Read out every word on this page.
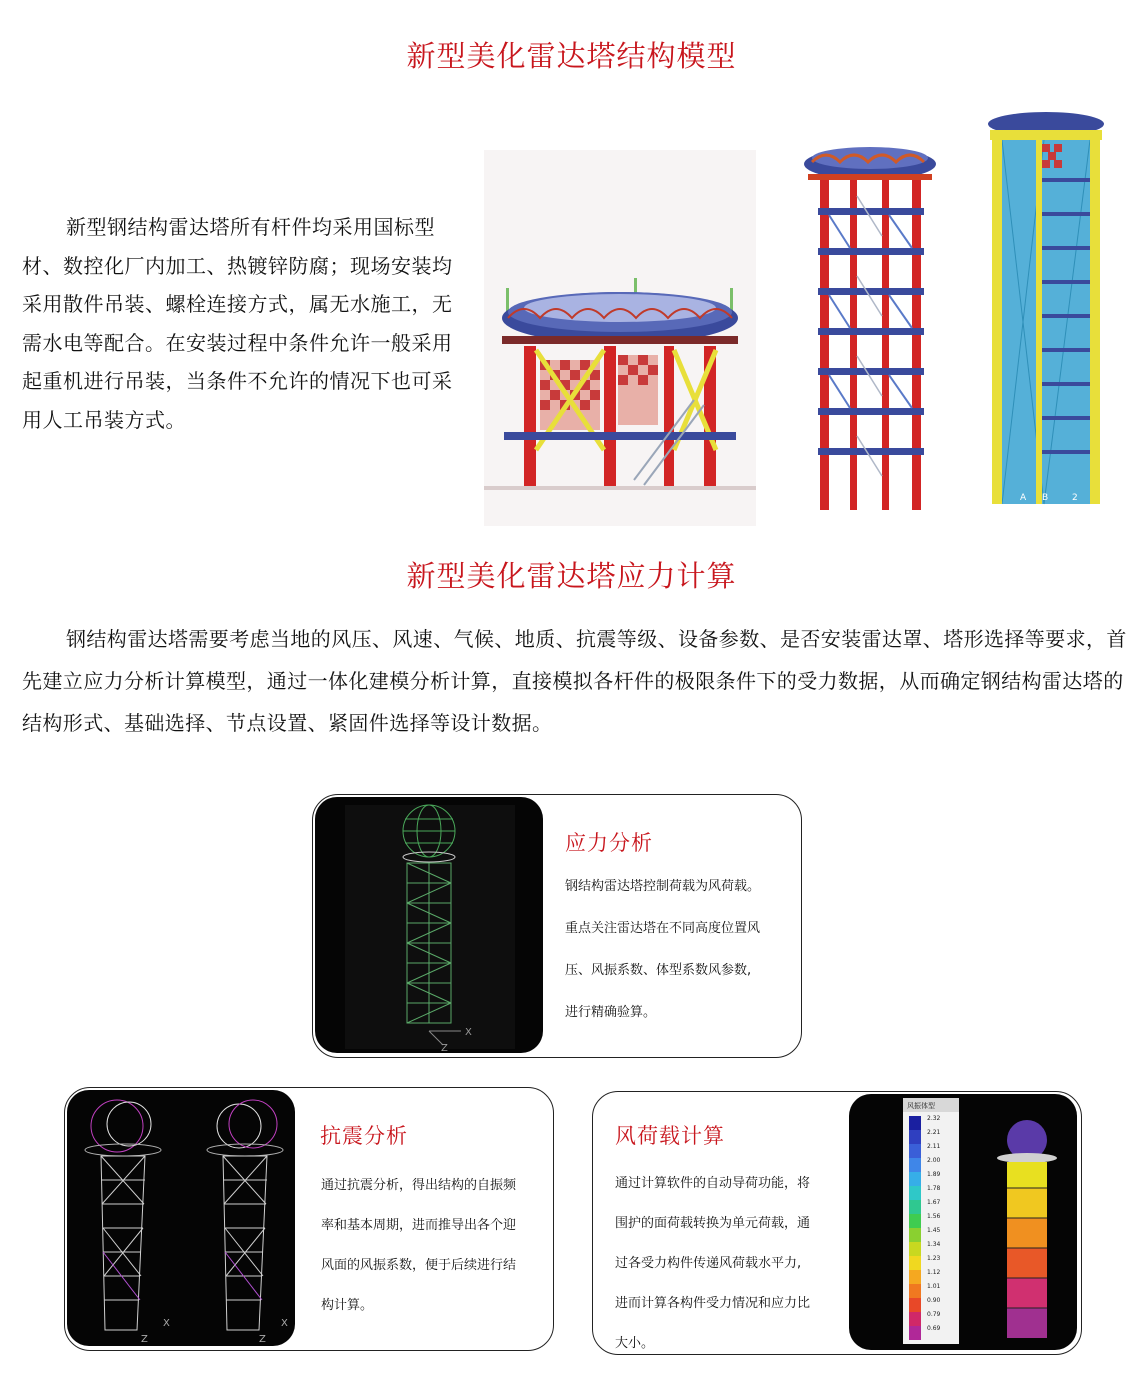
新型美化雷达塔结构模型
新型钢结构雷达塔所有杆件均采用国标型材、数控化厂内加工、热镀锌防腐；现场安装均采用散件吊装、螺栓连接方式，属无水施工，无需水电等配合。在安装过程中条件允许一般采用起重机进行吊装，当条件不允许的情况下也可采用人工吊装方式。
A B	2
新型美化雷达塔应力计算
钢结构雷达塔需要考虑当地的风压、风速、气候、地质、抗震等级、设备参数、是否安装雷达罩、塔形选择等要求，首先建立应力分析计算模型，通过一体化建模分析计算，直接模拟各杆件的极限条件下的受力数据，从而确定钢结构雷达塔的结构形式、基础选择、节点设置、紧固件选择等设计数据。
X
Z
应力分析

钢结构雷达塔控制荷载为风荷载。

重点关注雷达塔在不同高度位置风

压、风振系数、体型系数风参数,

进行精确验算。

X
Z
X
Z
抗震分析

通过抗震分析，得出结构的自振频

率和基本周期，进而推导出各个迎

风面的风振系数，便于后续进行结

构计算。

风荷载计算

通过计算软件的自动导荷功能，将

围护的面荷载转换为单元荷载，通

过各受力构件传递风荷载水平力,

进而计算各构件受力情况和应力比

大小。

风振体型
2.32
2.21
2.11
2.00
1.89
1.78
1.67
1.56
1.45
1.34
1.23
1.12
1.01
0.90
0.79
0.69
